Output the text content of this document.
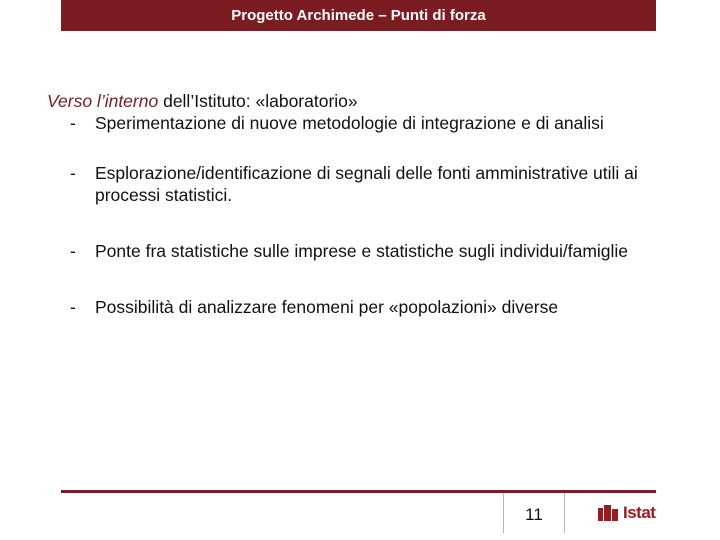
Progetto Archimede – Punti di forza

Verso l’interno dell’Istituto: «laboratorio»

- Sperimentazione di nuove metodologie di integrazione e di analisi
- Esplorazione/identificazione di segnali delle fonti amministrative utili ai processi statistici.
- Ponte fra statistiche sulle imprese e statistiche sugli individui/famiglie
- Possibilità di analizzare fenomeni per «popolazioni» diverse
11	Istat
